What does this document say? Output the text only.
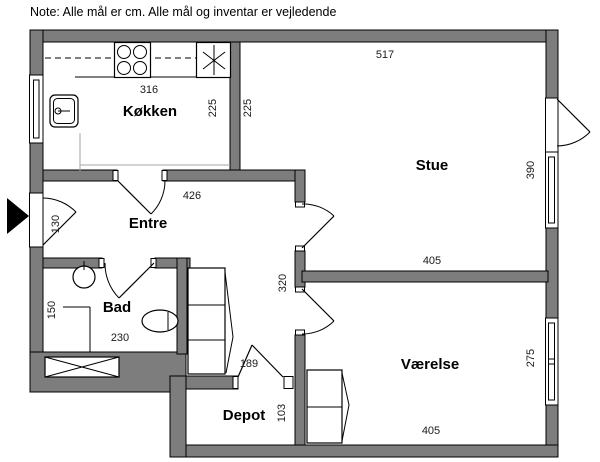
Note: Alle mål er cm. Alle mål og inventar er vejledende
Køkken
Stue
Entre
Bad
Depot
Værelse
316
225 225
517
390
405
426
130
320
150
230
189
103
275
405
